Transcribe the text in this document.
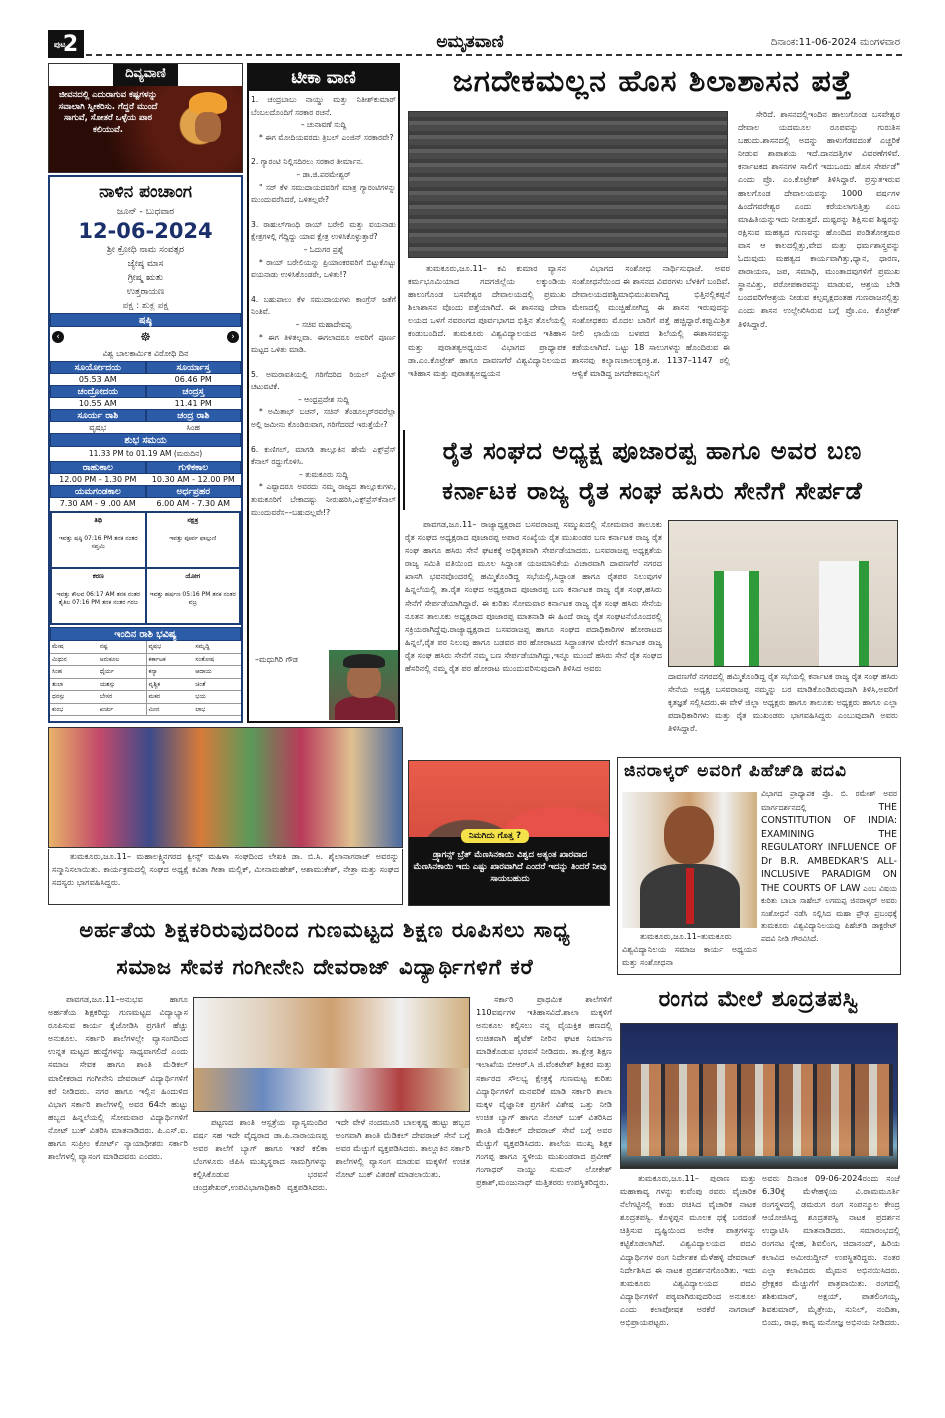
ಪುಟ
2	ಅಮೃತವಾಣಿ	ದಿನಾಂಕ:11-06-2024 ಮಂಗಳವಾರ
ದಿವ್ಯವಾಣಿ
ಜೀವನದಲ್ಲಿ ಎದುರಾಗುವ ಕಷ್ಟಗಳನ್ನು ಸವಾಲಾಗಿ ಸ್ವೀಕರಿಸು. ಗೆದ್ದರೆ ಮುಂದೆ ಸಾಗುವೆ, ಸೋತರೆ ಒಳ್ಳೆಯ ಪಾಠ ಕಲಿಯುವೆ.
ನಾಳಿನ ಪಂಚಾಂಗ
ಜೂನ್ - ಬುಧವಾರ
12-06-2024
ಶ್ರೀ ಕ್ರೋಧಿ ನಾಮ ಸಂವತ್ಸರ
ಜ್ಯೇಷ್ಠ ಮಾಸ
ಗ್ರೀಷ್ಮ ಋತು
ಉತ್ತರಾಯಣ
ಪಕ್ಷ : ಶುಕ್ಲ ಪಕ್ಷ
ಷಷ್ಠಿ
‹	☸	›
ವಿಶ್ವ ಬಾಲಕಾರ್ಮಿಕ ವಿರೋಧಿ ದಿನ
ಸೂರ್ಯೋದಯ	ಸೂರ್ಯಾಸ್ತ
05.53 AM	06.46 PM
ಚಂದ್ರೋದಯ	ಚಂದ್ರಸ್ತ
10.55 AM	11.41 PM
ಸೂರ್ಯ ರಾಶಿ	ಚಂದ್ರ ರಾಶಿ
ವೃಷಭ	ಸಿಂಹ
ಶುಭ ಸಮಯ
11.33 PM to 01.19 AM (ಮರುದಿನ)
ರಾಹುಕಾಲ	ಗುಳಿಕಕಾಲ
12.00 PM - 1.30 PM	10.30 AM - 12.00 PM
ಯಮಗಂಡಕಾಲ	ಅರ್ಧಪ್ರಹರ
7.30 AM - 9 .00 AM	6.00 AM - 7.30 AM
ತಿಥಿ
ಇವತ್ತು ಷಷ್ಠಿ 07:16 PM ತನಕ ನಂತರ ಸಪ್ತಮಿ
ನಕ್ಷತ್ರ
ಇವತ್ತು ಪೂರ್ವ ಫಾಲ್ಗುಣಿ
ಕರಣ
ಇವತ್ತು ಕೌಲವ 06:17 AM ತನಕ ನಂತರ ತೈತಿಲ 07:16 PM ತನಕ ನಂತರ ಗರಜ
ಯೋಗ
ಇವತ್ತು ಹರ್ಷಣ 05:16 PM ತನಕ ನಂತರ ವಜ್ರ
ಇಂದಿನ ರಾಶಿ ಭವಿಷ್ಯ
ಮೇಷ	ನಷ್ಟ	ವೃಷಭ	ಸಮೃದ್ಧಿ
ಮಿಥುನ	ಅನುಕೂಲ	ಕರ್ಕಾಟಕ	ಸಂತೋಷ
ಸಿಂಹ	ಧೈರ್ಯ	ಕನ್ಯಾ	ಆದಾಯ
ತುಲಾ	ಯಶಸ್ಸು	ವೃಶ್ಚಿಕ	ಚಿಂತೆ
ಧನಸ್ಸು	ಬೇಸರ	ಮಕರ	ಭಯ
ಕುಂಭ	ಖರ್ಚು	ಮೀನ	ಲಾಭ
ಟೀಕಾ ವಾಣಿ
1. ಚಂದ್ರಬಾಬು ನಾಯ್ಡು ಮತ್ತು ನಿತೀಶ್‌ಕುಮಾರ್ ಬೆಂಬಲದೊಂದಿಗೆ ಸರಕಾರ ರಚನೆ.
– ಚುನಾವಣೆ ಸುದ್ದಿ
* ಈಗ ಮೋದಿಯವರದು ತ್ರಿಬಲ್ ಎಂಜಿನ್ ಸರಕಾರವೇ?
2. ಗ್ಯಾರಂಟಿ ನಿಲ್ಲಿಸದಿರಲು ಸರಕಾರ ತೀರ್ಮಾನ.
– ಡಾ.ಜಿ.ಪರಮೇಶ್ವರ್
" ಸರ್ ಕೆಳ ಸಮುದಾಯದವರಿಗೆ ಮಾತ್ರ ಗ್ಯಾರಂಟಿಗಳನ್ನು ಮುಂದುವರೆಸಿದರೆ, ಒಳಿತಲ್ಲವೇ?
3. ರಾಹುಲ್‌ಗಾಂಧಿ ರಾಯ್ ಬರೇಲಿ ಮತ್ತು ವಯನಾಡು ಕ್ಷೇತ್ರಗಳಲ್ಲಿ ಗೆದ್ದಿದ್ದು ಯಾವ ಕ್ಷೇತ್ರ ಉಳಿಸಿಕೊಳ್ಳುತ್ತಾರೆ?
– ಓದುಗರ ಪ್ರಶ್ನೆ
* ರಾಯ್ ಬರೇಲಿಯನ್ನು ಪ್ರಿಯಾಂಕರವರಿಗೆ ಬಿಟ್ಟುಕೊಟ್ಟು ವಯನಾಡು ಉಳಿಸಿಕೊಂಡರೇ, ಒಳಿತು!?
4. ಬಹುಪಾಲು ಕೆಳ ಸಮುದಾಯಗಳು ಕಾಂಗ್ರೆಸ್ ಜತೆಗೆ ನಿಂತಿವೆ.
– ಸಚಿವ ಮಹಾದೇವಪ್ಪ
* ಈಗ ತಿಳಿತಲ್ಲವಾ. ಈಗಲಾದರೂ ಅವರಿಗೆ ಪೂರ್ಣ ಮಟ್ಟದ ಒಳಿತು ಮಾಡಿ.
5. ಅಮರಾವತಿಯಲ್ಲಿ ಗರಿಗೆದರಿದ ರಿಯಲ್ ಎಸ್ಟೇಟ್ ಚಟುವಟಿಕೆ.
– ಆಂಧ್ರಪ್ರದೇಶ ಸುದ್ದಿ
* ಅಮಿತಾಭ್ ಬಚನ್, ಸಚಿನ್ ತೆಂಡೂಲ್ಕರ್‌ರವರೆಲ್ಲಾ ಅಲ್ಲಿ ಜಮೀನು ಕೊಂಡಿರುವಾಗ, ಗರಿಗೆದರದೆ ಇರುತ್ತೆಯೇ?
6. ಕುಣಿಗಲ್, ಮಾಗಡಿ ತಾಲ್ಲೂಕಿನ ಹೇಮೆ ಎಕ್ಸ್‌ಪ್ರೆಸ್ ಕೆನಾಲ್ ರದ್ದುಗೊಳಿಸಿ.
– ತುಮಕೂರು ಸುದ್ದಿ
* ಎಷ್ಟಾದರೂ ಅವರದು ನಮ್ಮ ರಾಜ್ಯದ ತಾಲ್ಲೂಕುಗಳು, ತುಮಕೂರಿಗೆ ಬೇಕಾದಷ್ಟು ನೀರುಹರಿಸಿ,ಎಕ್ಸ್‌ಪ್ರೆಸ್‌ಕೆನಾಲ್ ಮುಂದುವರೆಸ––ಬಹುದಲ್ಲವೇ!?
–ಮಧುಗಿರಿ ಗೌಡ
ಜಗದೇಕಮಲ್ಲನ ಹೊಸ ಶಿಲಾಶಾಸನ ಪತ್ತೆ
ತುಮಕೂರು,ಜೂ.11– ಕವಿ ಕುಮಾರ ವ್ಯಾಸನ ಕರ್ಮಭೂಮಿಯಾದ ಗದಗಜಿಲ್ಲೆಯ ಲಕ್ಕುಂಡಿಯ ಹಾಲುಗೊಂಡ ಬಸವೇಶ್ವರ ದೇವಾಲಯದಲ್ಲಿ ಪ್ರಮುಖ ಶಿಲಾಶಾಸನ ವೊಂದು ಪತ್ತೆಯಾಗಿದೆ. ಈ ಶಾಸನವು ದೇವಾ ಲಯದ ಒಳಗೆ ನವರಂಗದ ಪೂರ್ವಭಾಗದ ಭಿತ್ತಿನ ತೊಲೆಯಲ್ಲಿ ಕಂಡುಬಂದಿದೆ. ತುಮಕೂರು ವಿಶ್ವವಿದ್ಯಾಲಯದ ಇತಿಹಾಸ ಮತ್ತು ಪುರಾತತ್ವಅಧ್ಯಯನ ವಿಭಾಗದ ಪ್ರಾಧ್ಯಾಪಕ ಡಾ.ಎಂ.ಕೊಟ್ರೇಶ್ ಹಾಗೂ ದಾವಣಗೆರೆ ವಿಶ್ವವಿದ್ಯಾನಿಲಯದ ಇತಿಹಾಸ ಮತ್ತು ಪುರಾತತ್ವಅಧ್ಯಯನ
ವಿಭಾಗದ ಸಂಶೋಧ ನಾರ್ಥಿಸುಧಾಜೆ. ಅವರ ಸಂಶೋಧನೆಯಿಂದ ಈ ಶಾಸನದ ವಿವರಗಳು ಬೆಳಕಿಗೆ ಬಂದಿವೆ. ದೇವಾಲಯದಪಶ್ಚಿಮಾಭಿಮುಖವಾಗಿದ್ದ ಭಿತ್ತಿನಲ್ಲಿಕಪ್ಪನೆ ಮೇಣದಲ್ಲಿ ಮುಚ್ಚಿಹೋಗಿದ್ದ ಈ ಶಾಸನ ಇರುವುದನ್ನು ಸಂಶೋಧಕರು ಮೊದಲ ಬಾರಿಗೆ ಪತ್ತೆ ಹಚ್ಚಿದ್ದಾರೆ.ಕಪ್ಪುಮಿಶ್ರಿತ ನೀಲಿ ಛಾಯೆಯ ಬಳಪದ ಶಿಲೆಯಲ್ಲಿ ಈಶಾಸನವನ್ನು ಕಡೆಯಲಾಗಿದೆ. ಒಟ್ಟು 18 ಸಾಲುಗಳನ್ನು ಹೊಂದಿರುವ ಈ ಶಾಸನವು ಕಲ್ಯಾಣಚಾಲುಕ್ಯರಕ್ರಿ.ಶ. 1137–1147 ರಲ್ಲಿ ಆಳ್ವಿಕೆ ಮಾಡಿದ್ದ ಜಗದೇಕಮಲ್ಲನಿಗೆ
ಸೇರಿದೆ. ಶಾಸನದಲ್ಲಿಇಂದಿನ ಹಾಲುಗೊಂಡ ಬಸವೇಶ್ವರ ದೇವಾಲ ಯದಮೂಲ ರೂಪವನ್ನು ಗುರುತಿಸ ಬಹುದು.ಶಾಸನದಲ್ಲಿ ಅದನ್ನು ಹಾಳುಗೆಡವದಂತೆ ಎಚ್ಚರಿಕೆ ನೀಡುವ ಶಾಪಾಶಯ ಇದೆ.ದಾನದತ್ತಿಗಳ ವಿವರಣೆಗಳಿವೆ. ಕರ್ನಾಟಕದ ಶಾಸನಗಳ ಸಾಲಿಗೆ ಇದುಒಂದು ಹೊಸ ಸೇರ್ಪಡೆ" ಎಂದು ಪ್ರೊ. ಎಂ.ಕೊಟ್ರೇಶ್ ತಿಳಿಸಿದ್ದಾರೆ. ಪ್ರಸ್ತುತಇರುವ ಹಾಲಗೊಂಡ ದೇವಾಲಯವನ್ನು 1000 ವರ್ಷಗಳ ಹಿಂದೆಗವರೇಶ್ವರ ಎಂದು ಕರೆಯಲಾಗುತ್ತಿತ್ತು ಎಂಬ ಮಾಹಿತಿಯನ್ನುಇದು ನೀಡುತ್ತದೆ. ದುಷ್ಟರನ್ನು ಶಿಕ್ಷಿಸುವ ಶಿಷ್ಟರನ್ನು ರಕ್ಷಿಸುವ ಮಹತ್ವದ ಗುಣವನ್ನು ಹೊಂದಿದ ಪಂಡಿತೋತ್ತಮರ ವಾಸ ಆ ಕಾಲದಲ್ಲಿತ್ತು,ವೇದ ಮತ್ತು ಧರ್ಮಶಾಸ್ತ್ರವನ್ನು ಓದುವುದು ಮಹತ್ವದ ಕಾರ್ಯವಾಗಿತ್ತು,ಧ್ಯಾನ, ಧಾರಣ, ಪಾರಾಯಣ, ಜಪ, ಸಮಾಧಿ, ಮುಂತಾದವುಗಳಿಗೆ ಪ್ರಮುಖ ಸ್ಥಾನವಿತ್ತು, ಪರೋಪಕಾರವನ್ನು ಮಾಡುವ, ಆಶ್ರಯ ಬೇಡಿ ಬಂದವರಿಗೆಆಶ್ರಯ ನೀಡುವ ಕಲ್ಪವೃಕ್ಷದಂತಹ ಗುಣರಾಜನಲ್ಲಿತ್ತು ಎಂದು ಶಾಸನ ಉಲ್ಲೇಖಿಸಿರುವ ಬಗ್ಗೆ ಪ್ರೊ.ಎಂ. ಕೊಟ್ರೇಶ್ ತಿಳಿಸಿದ್ದಾರೆ.
ರೈತ ಸಂಘದ ಅಧ್ಯಕ್ಷ ಪೂಜಾರಪ್ಪ ಹಾಗೂ ಅವರ ಬಣ
ಕರ್ನಾಟಕ ರಾಜ್ಯ ರೈತ ಸಂಘ ಹಸಿರು ಸೇನೆಗೆ ಸೇರ್ಪಡೆ
ಪಾವಗಡ,ಜೂ.11– ರಾಜ್ಯಾಧ್ಯಕ್ಷರಾದ ಬಸವರಾಜಪ್ಪ ಸಮ್ಮುಖದಲ್ಲಿ ಸೋಮವಾರ ತಾಲೂಕು ರೈತ ಸಂಘದ ಅಧ್ಯಕ್ಷರಾದ ಪೂಜಾರಪ್ಪ ಅಪಾರ ಸಂಖ್ಯೆಯ ರೈತ ಮುಖಂಡರ ಬಣ ಕರ್ನಾಟಕ ರಾಜ್ಯ ರೈತ ಸಂಘ ಹಾಗೂ ಹಸಿರು ಸೇನೆ ಘಟಕಕ್ಕೆ ಅಧಿಕೃತವಾಗಿ ಸೇರ್ಪಡೆಯಾದರು. ಬಸವರಾಜಪ್ಪ ಅಧ್ಯಕ್ಷತೆಯ ರಾಜ್ಯ ಸಮಿತಿ ವತಿಯಿಂದ ಮೂಲ ಸಿದ್ದಾಂತ ಯಜಮಾನಿಕೆಯ ವಿಚಾರವಾಗಿ ದಾವಣಗೆರೆ ನಗರದ ಖಾಸಗಿ ಭವನವೊಂದರಲ್ಲಿ ಹಮ್ಮಿಕೊಂಡಿದ್ದ ಸಭೆಯಲ್ಲಿ,ಸಿದ್ಧಾಂತ ಹಾಗೂ ರೈತಪರ ನಿಲುವುಗಳ ಹಿನ್ನಲೆಯಲ್ಲಿ ತಾ.ರೈತ ಸಂಘದ ಅಧ್ಯಕ್ಷರಾದ ಪೂಜಾರಪ್ಪ ಬಣ ಕರ್ನಾಟಕ ರಾಜ್ಯ ರೈತ ಸಂಘ,ಹಸಿರು ಸೇನೆಗೆ ಸೇರ್ಪಡೆಯಾಗಿದ್ದಾರೆ. ಈ ಕುರಿತು ಸೋಮವಾರ ಕರ್ನಾಟಕ ರಾಜ್ಯ ರೈತ ಸಂಘ ಹಸಿರು ಸೇನೆಯ ನೂತನ ತಾಲೂಕು ಅಧ್ಯಕ್ಷರಾದ ಪೂಜಾರಪ್ಪ ಮಾತನಾಡಿ ಈ ಹಿಂದೆ ರಾಜ್ಯ ರೈತ ಸಂಘಟನೆಯೊಂದರಲ್ಲಿ ಸಕ್ರಿಯರಾಗಿದ್ದೆವು.ರಾಜ್ಯಾಧ್ಯಕ್ಷರಾದ ಬಸವರಾಜಪ್ಪ ಹಾಗೂ ಸಂಘದ ಪದಾಧಿಕಾರಿಗಳ ಹೋರಾಟದ ಹಿನ್ನಲೆ,ರೈತ ಪರ ನಿಲುವು ಹಾಗೂ ಬಡವರ ಪರ ಹೋರಾಟದ ಸಿದ್ಧಾಂತಗಳ ಮೇರೆಗೆ ಕರ್ನಾಟಕ ರಾಜ್ಯ ರೈತ ಸಂಘ ಹಸಿರು ಸೇನೆಗೆ ನಮ್ಮ ಬಣ ಸೇರ್ಪಡೆಯಾಗಿದ್ದು,ಇನ್ನೂ ಮುಂದೆ ಹಸಿರು ಸೇನೆ ರೈತ ಸಂಘದ ಹೆಸರಿನಲ್ಲಿ ನಮ್ಮ ರೈತ ಪರ ಹೋರಾಟ ಮುಂದುವರಿಸುವುದಾಗಿ ತಿಳಿಸಿದ ಅವರು
ದಾವಣಗೆರೆ ನಗರದಲ್ಲಿ ಹಮ್ಮಿಕೊಂಡಿದ್ದ ರೈತ ಸಭೆಯಲ್ಲಿ ಕರ್ನಾಟಕ ರಾಜ್ಯ ರೈತ ಸಂಘ ಹಸಿರು ಸೇನೆಯ ಅಧ್ಯಕ್ಷ ಬಸವರಾಜಪ್ಪ ನಮ್ಮನ್ನು ಬರ ಮಾಡಿಕೊಂಡಿರುವುದಾಗಿ ತಿಳಿಸಿ,ಅವರಿಗೆ ಕೃತಜ್ಞತೆ ಸಲ್ಲಿಸಿದರು.ಈ ವೇಳೆ ಜಿಲ್ಲಾ ಅಧ್ಯಕ್ಷರು ಹಾಗೂ ತಾಲೂಕು ಅಧ್ಯಕ್ಷರು ಹಾಗೂ ಎಲ್ಲಾ ಪದಾಧಿಕಾರಿಗಳು ಮತ್ತು ರೈತ ಮುಖಂಡರು ಭಾಗವಹಿಸಿದ್ದರು ಎಂಬುವುದಾಗಿ ಅವರು ತಿಳಿಸಿದ್ದಾರೆ.
ತುಮಕೂರು,ಜೂ.11– ಮಹಾಲಕ್ಷ್ಮಿನಗರದ ಕ್ವೀನ್ಸ್ ಮಹಿಳಾ ಸಂಘದಿಂದ ಲೇಖಕಿ ಡಾ. ಬಿ.ಸಿ. ಶೈಲಾನಾಗರಾಜ್ ಅವರನ್ನು ಸನ್ಮಾನಿಸಲಾಯಿತು. ಕಾರ್ಯಕ್ರಮದಲ್ಲಿ ಸಂಘದ ಅಧ್ಯಕ್ಷೆ ಕವಿತಾ ಗೀತಾ ಮಲ್ಲಿಕ್, ಮೀನಾಮಹೇಶ್, ಆಶಾಮುಕೇಶ್, ನೇತ್ರಾ ಮತ್ತು ಸಂಘದ ಸದಸ್ಯರು ಭಾಗವಹಿಸಿದ್ದರು.
ನಿಮಗಿದು ಗೊತ್ತ ?
ಡ್ರ್ಯಾಗನ್ಸ್ ಬ್ರೆತ್ ಮೆಣಸಿನಕಾಯಿ ವಿಶ್ವದ ಅತ್ಯಂತ ಖಾರವಾದ ಮೆಣಸಿನಕಾಯಿ ಇದು ಎಷ್ಟು ಖಾರವಾಗಿದೆ ಎಂದರೆ ಇದನ್ನು ತಿಂದರೆ ನೀವು ಸಾಯಬಹುದು
ಜಿನರಾಳ್ಕರ್ ಅವರಿಗೆ ಪಿಹೆಚ್‌ಡಿ ಪದವಿ
ತುಮಕೂರು,ಜೂ.11–ತುಮಕೂರು ವಿಶ್ವವಿದ್ಯಾನಿಲಯ ಸಮಾಜ ಕಾರ್ಯ ಅಧ್ಯಯನ ಮತ್ತು ಸಂಶೋಧನಾ
ವಿಭಾಗದ ಪ್ರಾಧ್ಯಾಪಕ ಪ್ರೊ. ಬಿ. ರಮೇಶ್ ಅವರ ಮಾರ್ಗದರ್ಶನದಲ್ಲಿ	THE CONSTITUTION OF INDIA: EXAMINING THE REGULATORY INFLUENCE OF Dr B.R. AMBEDKAR'S ALL-INCLUSIVE PARADIGM ON THE COURTS OF LAW ಎಂಬ ವಿಷಯ ಕುರಿತು ಬಾಬಾ ಸಾಹೇಬ್ ಲಗಮಪ್ಪ ಜಿನರಾಳ್ಕರ್ ಅವರು ಸಂಶೋಧನೆ ನಡೆಸಿ ಸಲ್ಲಿಸಿದ ಮಹಾ ಪ್ರೌಢ ಪ್ರಬಂಧಕ್ಕೆ ತುಮಕೂರು ವಿಶ್ವವಿದ್ಯಾನಿಲಯವು ಪಿಹೆಚ್‌ಡಿ ಡಾಕ್ಟರೇಟ್ ಪದವಿ ನೀಡಿ ಗೌರವಿಸಿದೆ.
ಅರ್ಹತೆಯ ಶಿಕ್ಷಕರಿರುವುದರಿಂದ ಗುಣಮಟ್ಟದ ಶಿಕ್ಷಣ ರೂಪಿಸಲು ಸಾಧ್ಯ
ಸಮಾಜ ಸೇವಕ ಗಂಗೀನೇನಿ ದೇವರಾಜ್ ವಿದ್ಯಾರ್ಥಿಗಳಿಗೆ ಕರೆ
ಪಾವಗಡ,ಜೂ.11–ಅನುಭವ ಹಾಗೂ ಅರ್ಹತೆಯ ಶಿಕ್ಷಕರಿದ್ದು ಗುಣಮಟ್ಟದ ವಿದ್ಯಾಭ್ಯಾಸ ರೂಪಿಸುವ ಕಾರ್ಯ ಕೈಜೋಡಿಸಿ ಪ್ರಗತಿಗೆ ಹೆಚ್ಚು ಅನುಕೂಲ. ಸರ್ಕಾರಿ ಶಾಲೆಗಳಲ್ಲೇ ವ್ಯಾಸಂಗದಿಂದ ಉನ್ನತ ಮಟ್ಟದ ಹುದ್ದೆಗಳನ್ನು ಸಾಧ್ಯವಾಗಲಿದೆ ಎಂದು ಸಮಾಜ ಸೇವಕ ಹಾಗೂ ಶಾಂತಿ ಮೆಡಿಕಲ್ ಮಾಲೀಕರಾದ ಗಂಗೀನೇನಿ ದೇವರಾಜ್ ವಿದ್ಯಾರ್ಥಿಗಳಿಗೆ ಕರೆ ನೀಡಿದರು. ನಗರ ಹಾಗೂ ಇಲ್ಲಿನ ಹಿಂದುಳಿದ ವಿಭಾಗ ಸರ್ಕಾರಿ ಶಾಲೆಗಳಲ್ಲಿ ಅವರ 64ನೇ ಹುಟ್ಟು ಹಬ್ಬದ ಹಿನ್ನಲೆಯಲ್ಲಿ ಸೋಮವಾರ ವಿದ್ಯಾರ್ಥಿಗಳಿಗೆ ನೋಟ್ ಬುಕ್ ವಿತರಿಸಿ ಮಾತನಾಡಿದರು. ಪಿ.ಎಸ್.ಐ. ಹಾಗೂ ಸುಪ್ರೀಂ ಕೋರ್ಟ್ ನ್ಯಾಯಾಧೀಶರು ಸರ್ಕಾರಿ ಶಾಲೆಗಳಲ್ಲಿ ವ್ಯಾಸಂಗ ಮಾಡಿದವರು ಎಂದರು.
ಪಟ್ಟಣದ ಶಾಂತಿ ಆಸ್ಪತ್ರೆಯ ವ್ಯಾಸ್ಯಮಂದಿರ ವರ್ಷ ಸಹ ಇದೇ ವೈದ್ಯರಾದ ಡಾ.ಪಿ.ನಾರಾಯಣಪ್ಪ ಅವರ ಶಾಲೆಗೆ ಬ್ಯಾಗ್ ಹಾಗೂ ಇತರೆ ಕಲಿಕಾ ಬೆಂಗಳೂರು ಜಿಪಿಸಿ ಮುಖ್ಯಸ್ಥರಾದ ಸಾಮಗ್ರಿಗಳನ್ನು ಕಲ್ಪಿಸಿಕೊಡುವ ಭರವಸೆ ಚಂದ್ರಶೇಖರ್,ಉಪವಿಭಾಗಾಧಿಕಾರಿ ವ್ಯಕ್ತಪಡಿಸಿದರು. ಇದೇ ವೇಳೆ ನಂದಮೂರಿ ಬಾಲಕೃಷ್ಣ ಹುಟ್ಟು ಹಬ್ಬದ ಅಂಗವಾಗಿ ಶಾಂತಿ ಮೆಡಿಕಲ್ ದೇವರಾಜ್ ಸೇನೆ ಬಗ್ಗೆ ಅವರ ಮೆಚ್ಚುಗೆ ವ್ಯಕ್ತಪಡಿಸಿದರು. ತಾಲ್ಲೂಕಿನ ಸರ್ಕಾರಿ ಶಾಲೆಗಳಲ್ಲಿ ವ್ಯಾಸಂಗ ಮಾಡುವ ಮಕ್ಕಳಿಗೆ ಉಚಿತ ನೋಟ್ ಬುಕ್ ವಿತರಣೆ ಮಾಡಲಾಯಿತು.
ಸರ್ಕಾರಿ ಪ್ರಾಥಮಿಕ ಶಾಲೆಗಳಿಗೆ 110ವರ್ಷಗಳ ಇತಿಹಾಸವಿದೆ.ಶಾಲಾ ಮಕ್ಕಳಿಗೆ ಅನುಕೂಲ ಕಲ್ಪಿಸಲು ನನ್ನ ವೈಯಕ್ತಿಕ ಹಣದಲ್ಲಿ ಉಚಿತವಾಗಿ ಹೈಟೆಕ್ ನೀರಿನ ಘಟಕ ನಿರ್ಮಾಣ ಮಾಡಿಕೊಡುವ ಭರವಸೆ ನೀಡಿದರು. ತಾ.ಕ್ಷೇತ್ರ ಶಿಕ್ಷಣ ಇಲಾಖೆಯ ಬೀಆರ್.ಸಿ ಜಿ.ವೆಂಕಟೇಶ್ ಶಿಕ್ಷಕರ ಮತ್ತು ಸರ್ಕಾರದ ಸೌಲಭ್ಯ ಕ್ಷೇತ್ರಕ್ಕೆ ಗುಣಮಟ್ಟ ಕುರಿತು ವಿದ್ಯಾರ್ಥಿಗಳಿಗೆ ಮನವರಿಕೆ ಮಾಡಿ ಸರ್ಕಾರಿ ಶಾಲಾ ಮಕ್ಕಳ ವೈಜ್ಞಾನಿಕ ಪ್ರಗತಿಗೆ ವಿಶೇಷ ಒತ್ತು ನೀಡಿ ಉಚಿತ ಬ್ಯಾಗ್ ಹಾಗೂ ನೋಟ್ ಬುಕ್ ವಿತರಿಸಿದ ಶಾಂತಿ ಮೆಡಿಕಲ್ ದೇವರಾಜ್ ಸೇವೆ ಬಗ್ಗೆ ಅವರ ಮೆಚ್ಚುಗೆ ವ್ಯಕ್ತಪಡಿಸಿದರು. ಶಾಲೆಯ ಮುಖ್ಯ ಶಿಕ್ಷಕ ಗಂಗಪ್ಪ ಹಾಗೂ ಸ್ಥಳೀಯ ಮುಖಂಡರಾದ ಪ್ರವೀಣ್ ಗಂಗಾಧರ್ ನಾಯ್ಡು ಸುಮನ್ ಲೋಕೇಶ್ ಪ್ರಕಾಶ್,ಮಂಜುನಾಥ್ ಮತ್ತಿತರರು ಉಪಸ್ಥಿತರಿದ್ದರು.
ರಂಗದ ಮೇಲೆ ಶೂದ್ರತಪಸ್ವಿ
ತುಮಕೂರು,ಜೂ.11– ಪುರಾಣ ಮತ್ತು ಮಹಾಕಾವ್ಯ ಗಳನ್ನು ಕುವೆಂಪು ರವರು ವೈಚಾರಿಕ ನೆಲೆಗಟ್ಟಿನಲ್ಲಿ ಕಂಡು ರಚಿಸಿದ ವೈಚಾರಿಕ ನಾಟಕ ಶೂದ್ರತಪಸ್ವಿ. ಕೊಳ್ಳಪ್ಪನ ಮೂಲಕ ಧಕ್ಕೆ ಬರದಂತೆ ಚಿತ್ರಿಸುವ ದೃಷ್ಟಿಯಿಂದ ಅನೇಕ ಪಾತ್ರಗಳನ್ನು ಕಟ್ಟಿಕೊಡಲಾಗಿದೆ. ವಿಶ್ವವಿದ್ಯಾಲಯದ ಪದವಿ ವಿದ್ಯಾರ್ಥಿಗಳ ರಂಗ ನಿರ್ದೇಶಕ ಮೆಳೆಹಳ್ಳಿ ದೇವರಾಜ್ ನಿರ್ದೇಶಿಸಿದ ಈ ನಾಟಕ ಪ್ರದರ್ಶನಗೊಂಡಿತು. ಇದು ತುಮಕೂರು ವಿಶ್ವವಿದ್ಯಾಲಯದ ಪದವಿ ವಿದ್ಯಾರ್ಥಿಗಳಿಗೆ ಪಠ್ಯವಾಗಿರುವುದರಿಂದ ಅನುಕೂಲ ಎಂದು ಕಲಾಪೋಷಕ ಅರಕೆರೆ ನಾಗರಾಜ್ ಅಭಿಪ್ರಾಯಪಟ್ಟರು.
ಅವರು ದಿನಾಂಕ 09-06-2024ರಂದು ಸಂಜೆ 6.30ಕ್ಕೆ ಮೆಳೇಹಳ್ಳಿಯ ವಿ.ರಾಮಮೂರ್ತಿ ರಂಗಸ್ಥಳದಲ್ಲಿ ಡಮರುಗ ರಂಗ ಸಂಪನ್ಮೂಲ ಕೇಂದ್ರ ಆಯೋಜಿಸಿದ್ದ ಶೂದ್ರತಪಸ್ವಿ ನಾಟಕ ಪ್ರದರ್ಶನ ಉದ್ಘಾಟಿಸಿ ಮಾತನಾಡಿದರು. ಸಮಾರಂಭದಲ್ಲಿ ರಂಗನಟ ಸ್ನೇಹ, ಶಿವಲಿಂಗ, ಚಿದಾನಂದ್, ಹಿರಿಯ ಕಲಾವಿದ ಅಮೀರುದ್ದೀನ್ ಉಪಸ್ಥಿತರಿದ್ದರು. ನಂತರ ಎಲ್ಲಾ ಕಲಾವಿದರು ಮೈಮನ ಅಭಿನಯಿಸಿದರು. ಪ್ರೇಕ್ಷಕರ ಮೆಚ್ಚುಗೆಗೆ ಪಾತ್ರವಾಯಿತು. ರಂಗದಲ್ಲಿ ಶಶಿಕುಮಾರ್, ಅಕ್ಷಯ್, ಪಾತಲಿಂಗಯ್ಯ, ಶಿವಕುಮಾರ್, ಮೈತ್ರೇಯ, ಸುನಿಲ್, ನಂದಿತಾ, ಬಿಂದು, ರಾಧ, ಕಾವ್ಯ ಮನೋಜ್ಞ ಅಭಿನಯ ನೀಡಿದರು.
